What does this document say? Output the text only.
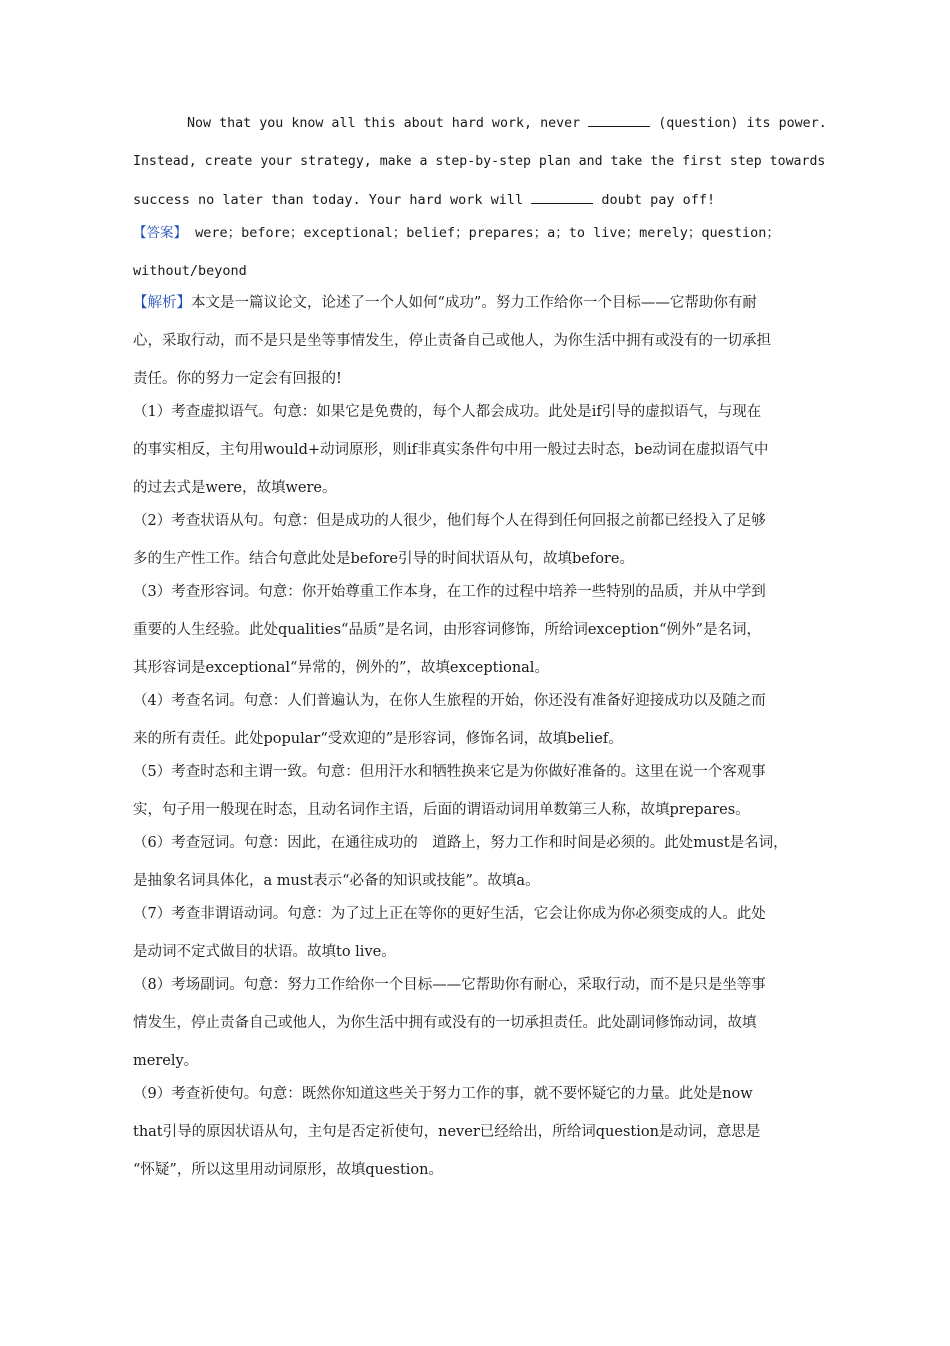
Now that you know all this about hard work, never	(question) its power.
Instead, create your strategy, make a step-by-step plan and take the first step towards
success no later than today. Your hard work will	doubt pay off!
【答案】 were；before；exceptional；belief；prepares；a；to live；merely；question；
without/beyond
【解析】本文是一篇议论文，论述了一个人如何“成功”。努力工作给你一个目标——它帮助你有耐
心，采取行动，而不是只是坐等事情发生，停止责备自己或他人，为你生活中拥有或没有的一切承担
责任。你的努力一定会有回报的!
（1）考查虚拟语气。句意：如果它是免费的，每个人都会成功。此处是if引导的虚拟语气，与现在
的事实相反，主句用would+动词原形，则if非真实条件句中用一般过去时态，be动词在虚拟语气中
的过去式是were，故填were。
（2）考查状语从句。句意：但是成功的人很少，他们每个人在得到任何回报之前都已经投入了足够
多的生产性工作。结合句意此处是before引导的时间状语从句，故填before。
（3）考查形容词。句意：你开始尊重工作本身，在工作的过程中培养一些特别的品质，并从中学到
重要的人生经验。此处qualities“品质”是名词，由形容词修饰，所给词exception“例外”是名词，
其形容词是exceptional“异常的，例外的”，故填exceptional。
（4）考查名词。句意：人们普遍认为，在你人生旅程的开始，你还没有准备好迎接成功以及随之而
来的所有责任。此处popular“受欢迎的”是形容词，修饰名词，故填belief。
（5）考查时态和主谓一致。句意：但用汗水和牺牲换来它是为你做好准备的。这里在说一个客观事
实，句子用一般现在时态，且动名词作主语，后面的谓语动词用单数第三人称，故填prepares。
（6）考查冠词。句意：因此，在通往成功的　道路上，努力工作和时间是必须的。此处must是名词，
是抽象名词具体化，a must表示“必备的知识或技能”。故填a。
（7）考查非谓语动词。句意：为了过上正在等你的更好生活，它会让你成为你必须变成的人。此处
是动词不定式做目的状语。故填to live。
（8）考场副词。句意：努力工作给你一个目标——它帮助你有耐心，采取行动，而不是只是坐等事
情发生，停止责备自己或他人，为你生活中拥有或没有的一切承担责任。此处副词修饰动词，故填
merely。
（9）考查祈使句。句意：既然你知道这些关于努力工作的事，就不要怀疑它的力量。此处是now
that引导的原因状语从句，主句是否定祈使句，never已经给出，所给词question是动词，意思是
“怀疑”，所以这里用动词原形，故填question。
